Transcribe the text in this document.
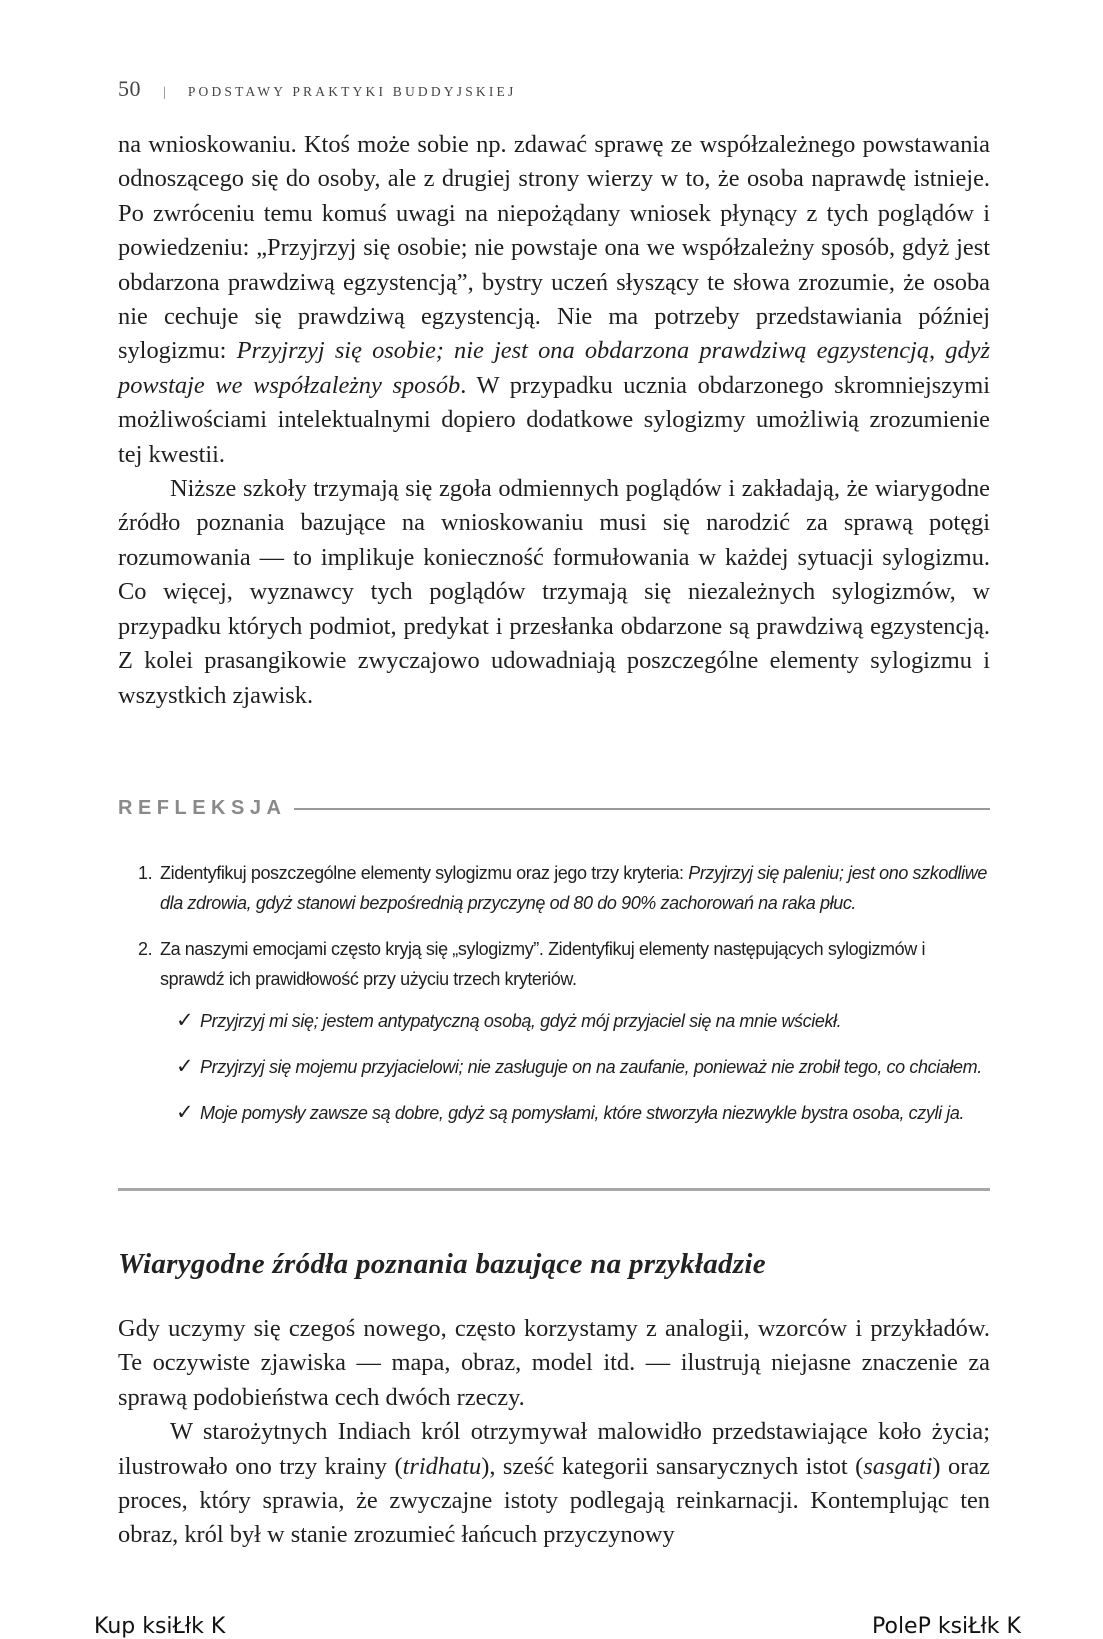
50 | PODSTAWY PRAKTYKI BUDDYJSKIEJ

na wnioskowaniu. Ktoś może sobie np. zdawać sprawę ze współzależnego powstawania odnoszącego się do osoby, ale z drugiej strony wierzy w to, że osoba naprawdę istnieje. Po zwróceniu temu komuś uwagi na niepożądany wniosek płynący z tych poglądów i powiedzeniu: „Przyjrzyj się osobie; nie powstaje ona we współzależny sposób, gdyż jest obdarzona prawdziwą egzystencją”, bystry uczeń słyszący te słowa zrozumie, że osoba nie cechuje się prawdziwą egzystencją. Nie ma potrzeby przedstawiania później sylogizmu: Przyjrzyj się osobie; nie jest ona obdarzona prawdziwą egzystencją, gdyż powstaje we współzależny sposób. W przypadku ucznia obdarzonego skromniejszymi możliwościami intelektualnymi dopiero dodatkowe sylogizmy umożliwią zrozumienie tej kwestii.

Niższe szkoły trzymają się zgoła odmiennych poglądów i zakładają, że wiarygodne źródło poznania bazujące na wnioskowaniu musi się narodzić za sprawą potęgi rozumowania — to implikuje konieczność formułowania w każdej sytuacji sylogizmu. Co więcej, wyznawcy tych poglądów trzymają się niezależnych sylogizmów, w przypadku których podmiot, predykat i przesłanka obdarzone są prawdziwą egzystencją. Z kolei prasangikowie zwyczajowo udowadniają poszczególne elementy sylogizmu i wszystkich zjawisk.

REFLEKSJA
1. Zidentyfikuj poszczególne elementy sylogizmu oraz jego trzy kryteria: Przyjrzyj się paleniu; jest ono szkodliwe dla zdrowia, gdyż stanowi bezpośrednią przyczynę od 80 do 90% zachorowań na raka płuc.
2. Za naszymi emocjami często kryją się „sylogizmy”. Zidentyfikuj elementy następujących sylogizmów i sprawdź ich prawidłowość przy użyciu trzech kryteriów.
✓ Przyjrzyj mi się; jestem antypatyczną osobą, gdyż mój przyjaciel się na mnie wściekł.
✓ Przyjrzyj się mojemu przyjacielowi; nie zasługuje on na zaufanie, ponieważ nie zrobił tego, co chciałem.
✓ Moje pomysły zawsze są dobre, gdyż są pomysłami, które stworzyła niezwykle bystra osoba, czyli ja.
Wiarygodne źródła poznania bazujące na przykładzie

Gdy uczymy się czegoś nowego, często korzystamy z analogii, wzorców i przykładów. Te oczywiste zjawiska — mapa, obraz, model itd. — ilustrują niejasne znaczenie za sprawą podobieństwa cech dwóch rzeczy.

W starożytnych Indiach król otrzymywał malowidło przedstawiające koło życia; ilustrowało ono trzy krainy (tridhatu), sześć kategorii sansarycznych istot (sasgati) oraz proces, który sprawia, że zwyczajne istoty podlegają reinkarnacji. Kontemplując ten obraz, król był w stanie zrozumieć łańcuch przyczynowy

Kup ksiŁłk K	PoleP ksiŁłk K
